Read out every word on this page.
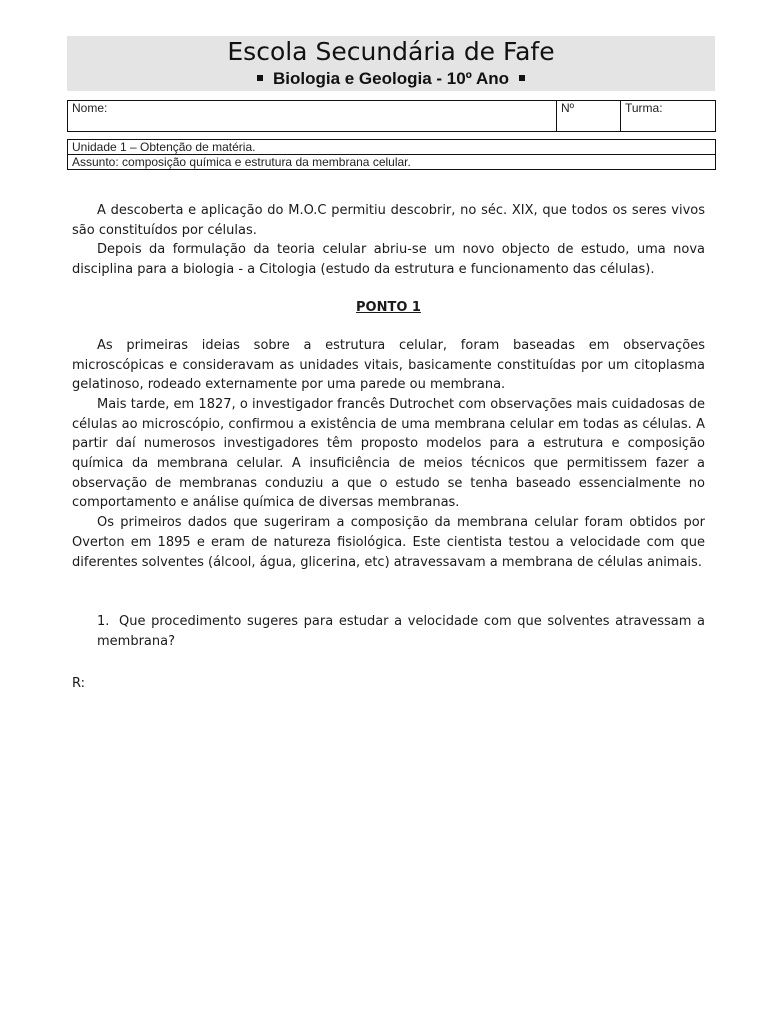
Escola Secundária de Fafe
Biologia e Geologia - 10º Ano
Nome:	Nº	Turma:
Unidade 1 – Obtenção de matéria.
Assunto: composição química e estrutura da membrana celular.

A descoberta e aplicação do M.O.C permitiu descobrir, no séc. XIX, que todos os seres vivos são constituídos por células.

Depois da formulação da teoria celular abriu-se um novo objecto de estudo, uma nova disciplina para a biologia - a Citologia (estudo da estrutura e funcionamento das células).

PONTO 1

As primeiras ideias sobre a estrutura celular, foram baseadas em observações microscópicas e consideravam as unidades vitais, basicamente constituídas por um citoplasma gelatinoso, rodeado externamente por uma parede ou membrana.

Mais tarde, em 1827, o investigador francês Dutrochet com observações mais cuidadosas de células ao microscópio, confirmou a existência de uma membrana celular em todas as células. A partir daí numerosos investigadores têm proposto modelos para a estrutura e composição química da membrana celular. A insuficiência de meios técnicos que permitissem fazer a observação de membranas conduziu a que o estudo se tenha baseado essencialmente no comportamento e análise química de diversas membranas.

Os primeiros dados que sugeriram a composição da membrana celular foram obtidos por Overton em 1895 e eram de natureza fisiológica. Este cientista testou a velocidade com que diferentes solventes (álcool, água, glicerina, etc) atravessavam a membrana de células animais.

1. Que procedimento sugeres para estudar a velocidade com que solventes atravessam a membrana?
R:
